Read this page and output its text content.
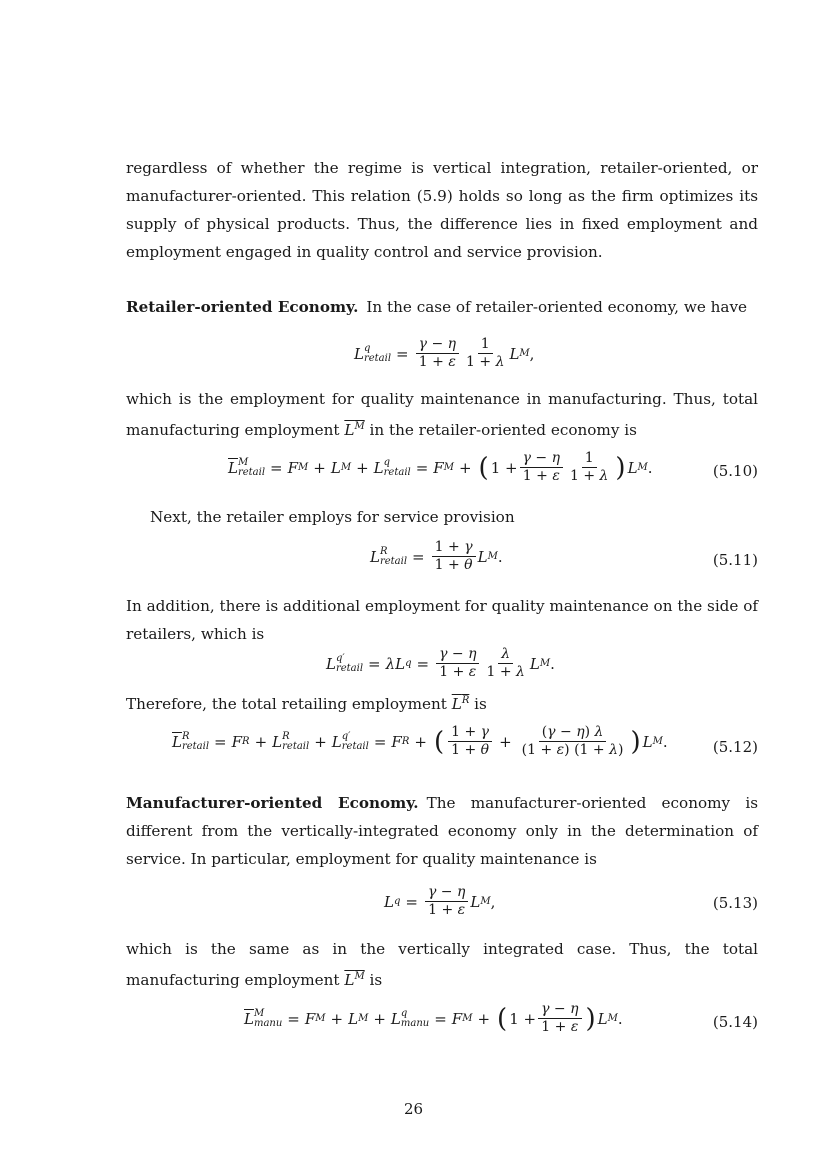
regardless of whether the regime is vertical integration, retailer-oriented, or manufacturer-oriented. This relation (5.9) holds so long as the firm optimizes its supply of physical products. Thus, the difference lies in fixed employment and employment engaged in quality control and service provision.

Retailer-oriented Economy. In the case of retailer-oriented economy, we have

L q
retail = $\frac{\gamma - \eta}{1 + \varepsilon} \frac{1}{1 + \lambda}$ L M ,

which is the employment for quality maintenance in manufacturing. Thus, total manufacturing employment $L^M$ in the retailer-oriented economy is

$\overline{L}$ M
retail = F M + L M + L q
retail = F M + ( $1 + \frac{\gamma - \eta}{1 + \varepsilon} \frac{1}{1 + \lambda}$ ) L M .	(5.10)

Next, the retailer employs for service provision

L R
retail = $\frac{1 + \gamma}{1 + \theta}$ L M .	(5.11)

In addition, there is additional employment for quality maintenance on the side of retailers, which is

L q′
retail = λL $q = \frac{\gamma - \eta}{1 + \varepsilon} \frac{\lambda}{1 + \lambda}$ L M .

Therefore, the total retailing employment $L^R$ is

$\overline{L}$ R
retail = F R + L R
retail + L q′
retail = F R + ( $\frac{1 + \gamma}{1 + \theta} + \frac{(\gamma - \eta) \lambda}{(1 + \varepsilon) (1 + \lambda)}$ ) L M .	(5.12)

Manufacturer-oriented Economy. The manufacturer-oriented economy is different from the vertically-integrated economy only in the determination of service. In particular, employment for quality maintenance is

L $q = \frac{\gamma - \eta}{1 + \varepsilon}$ L M ,	(5.13)

which is the same as in the vertically integrated case. Thus, the total manufacturing employment $L^M$ is

$\overline{L}$ M
manu = F M + L M + L q
manu = F M + ( $1 + \frac{\gamma - \eta}{1 + \varepsilon}$ ) L M .	(5.14)
26
